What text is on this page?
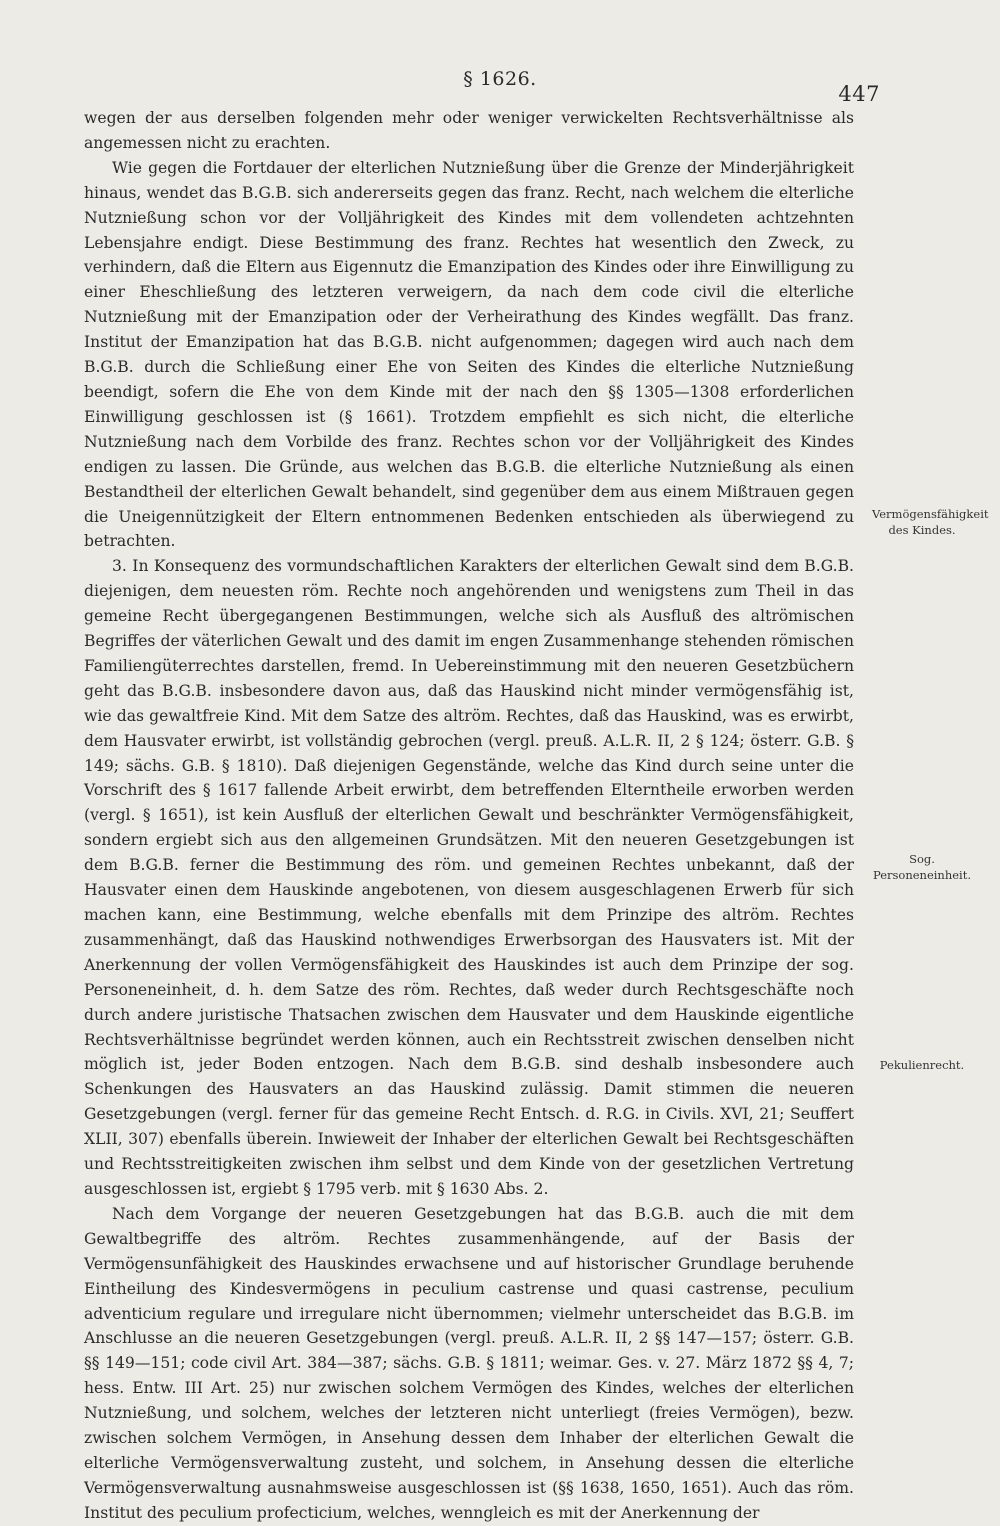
§ 1626.
447

wegen der aus derselben folgenden mehr oder weniger verwickelten Rechtsverhältnisse als angemessen nicht zu erachten.

Wie gegen die Fortdauer der elterlichen Nutznießung über die Grenze der Minderjährigkeit hinaus, wendet das B.G.B. sich andererseits gegen das franz. Recht, nach welchem die elterliche Nutznießung schon vor der Volljährigkeit des Kindes mit dem vollendeten achtzehnten Lebensjahre endigt. Diese Bestimmung des franz. Rechtes hat wesentlich den Zweck, zu verhindern, daß die Eltern aus Eigennutz die Emanzipation des Kindes oder ihre Einwilligung zu einer Eheschließung des letzteren verweigern, da nach dem code civil die elterliche Nutznießung mit der Emanzipation oder der Verheirathung des Kindes wegfällt. Das franz. Institut der Emanzipation hat das B.G.B. nicht aufgenommen; dagegen wird auch nach dem B.G.B. durch die Schließung einer Ehe von Seiten des Kindes die elterliche Nutznießung beendigt, sofern die Ehe von dem Kinde mit der nach den §§ 1305—1308 erforderlichen Einwilligung geschlossen ist (§ 1661). Trotzdem empfiehlt es sich nicht, die elterliche Nutznießung nach dem Vorbilde des franz. Rechtes schon vor der Volljährigkeit des Kindes endigen zu lassen. Die Gründe, aus welchen das B.G.B. die elterliche Nutznießung als einen Bestandtheil der elterlichen Gewalt behandelt, sind gegenüber dem aus einem Mißtrauen gegen die Uneigennützigkeit der Eltern entnommenen Bedenken entschieden als überwiegend zu betrachten.

3. In Konsequenz des vormundschaftlichen Karakters der elterlichen Gewalt sind dem B.G.B. diejenigen, dem neuesten röm. Rechte noch angehörenden und wenigstens zum Theil in das gemeine Recht übergegangenen Bestimmungen, welche sich als Ausfluß des altrömischen Begriffes der väterlichen Gewalt und des damit im engen Zusammenhange stehenden römischen Familiengüterrechtes darstellen, fremd. In Uebereinstimmung mit den neueren Gesetzbüchern geht das B.G.B. insbesondere davon aus, daß das Hauskind nicht minder vermögensfähig ist, wie das gewaltfreie Kind. Mit dem Satze des altröm. Rechtes, daß das Hauskind, was es erwirbt, dem Hausvater erwirbt, ist vollständig gebrochen (vergl. preuß. A.L.R. II, 2 § 124; österr. G.B. § 149; sächs. G.B. § 1810). Daß diejenigen Gegenstände, welche das Kind durch seine unter die Vorschrift des § 1617 fallende Arbeit erwirbt, dem betreffenden Elterntheile erworben werden (vergl. § 1651), ist kein Ausfluß der elterlichen Gewalt und beschränkter Vermögensfähigkeit, sondern ergiebt sich aus den allgemeinen Grundsätzen. Mit den neueren Gesetzgebungen ist dem B.G.B. ferner die Bestimmung des röm. und gemeinen Rechtes unbekannt, daß der Hausvater einen dem Hauskinde angebotenen, von diesem ausgeschlagenen Erwerb für sich machen kann, eine Bestimmung, welche ebenfalls mit dem Prinzipe des altröm. Rechtes zusammenhängt, daß das Hauskind nothwendiges Erwerbsorgan des Hausvaters ist. Mit der Anerkennung der vollen Vermögensfähigkeit des Hauskindes ist auch dem Prinzipe der sog. Personeneinheit, d. h. dem Satze des röm. Rechtes, daß weder durch Rechtsgeschäfte noch durch andere juristische Thatsachen zwischen dem Hausvater und dem Hauskinde eigentliche Rechtsverhältnisse begründet werden können, auch ein Rechtsstreit zwischen denselben nicht möglich ist, jeder Boden entzogen. Nach dem B.G.B. sind deshalb insbesondere auch Schenkungen des Hausvaters an das Hauskind zulässig. Damit stimmen die neueren Gesetzgebungen (vergl. ferner für das gemeine Recht Entsch. d. R.G. in Civils. XVI, 21; Seuffert XLII, 307) ebenfalls überein. Inwieweit der Inhaber der elterlichen Gewalt bei Rechtsgeschäften und Rechtsstreitigkeiten zwischen ihm selbst und dem Kinde von der gesetzlichen Vertretung ausgeschlossen ist, ergiebt § 1795 verb. mit § 1630 Abs. 2.

Nach dem Vorgange der neueren Gesetzgebungen hat das B.G.B. auch die mit dem Gewaltbegriffe des altröm. Rechtes zusammenhängende, auf der Basis der Vermögensunfähigkeit des Hauskindes erwachsene und auf historischer Grundlage beruhende Eintheilung des Kindesvermögens in peculium castrense und quasi castrense, peculium adventicium regulare und irregulare nicht übernommen; vielmehr unterscheidet das B.G.B. im Anschlusse an die neueren Gesetzgebungen (vergl. preuß. A.L.R. II, 2 §§ 147—157; österr. G.B. §§ 149—151; code civil Art. 384—387; sächs. G.B. § 1811; weimar. Ges. v. 27. März 1872 §§ 4, 7; hess. Entw. III Art. 25) nur zwischen solchem Vermögen des Kindes, welches der elterlichen Nutznießung, und solchem, welches der letzteren nicht unterliegt (freies Vermögen), bezw. zwischen solchem Vermögen, in Ansehung dessen dem Inhaber der elterlichen Gewalt die elterliche Vermögensverwaltung zusteht, und solchem, in Ansehung dessen die elterliche Vermögensverwaltung ausnahmsweise ausgeschlossen ist (§§ 1638, 1650, 1651). Auch das röm. Institut des peculium profecticium, welches, wenngleich es mit der Anerkennung der

Vermögensfähigkeit des Kindes.
Sog. Personeneinheit.
Pekulienrecht.
